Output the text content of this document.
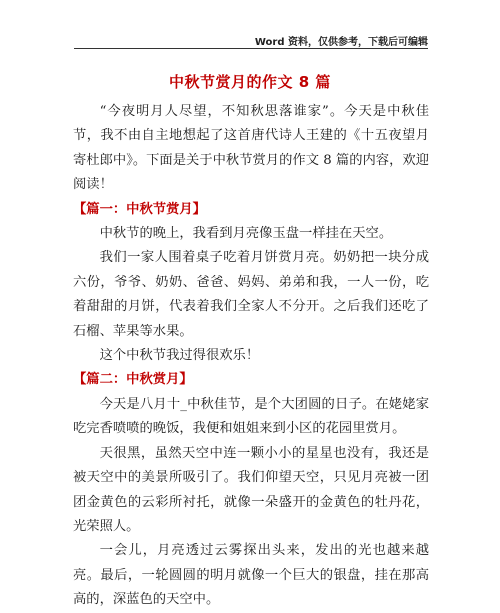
Word 资料，仅供参考，下载后可编辑
中秋节赏月的作文 8 篇

“今夜明月人尽望，不知秋思落谁家”。今天是中秋佳节，我不由自主地想起了这首唐代诗人王建的《十五夜望月寄杜郎中》。下面是关于中秋节赏月的作文 8 篇的内容，欢迎阅读！

【篇一：中秋节赏月】

中秋节的晚上，我看到月亮像玉盘一样挂在天空。

我们一家人围着桌子吃着月饼赏月亮。奶奶把一块分成六份，爷爷、奶奶、爸爸、妈妈、弟弟和我，一人一份，吃着甜甜的月饼，代表着我们全家人不分开。之后我们还吃了石榴、苹果等水果。

这个中秋节我过得很欢乐！

【篇二：中秋赏月】

今天是八月十_中秋佳节，是个大团圆的日子。在姥姥家吃完香喷喷的晚饭，我便和姐姐来到小区的花园里赏月。

天很黑，虽然天空中连一颗小小的星星也没有，我还是被天空中的美景所吸引了。我们仰望天空，只见月亮被一团团金黄色的云彩所衬托，就像一朵盛开的金黄色的牡丹花，光荣照人。

一会儿，月亮透过云雾探出头来，发出的光也越来越亮。最后，一轮圆圆的明月就像一个巨大的银盘，挂在那高高的，深蓝色的天空中。
